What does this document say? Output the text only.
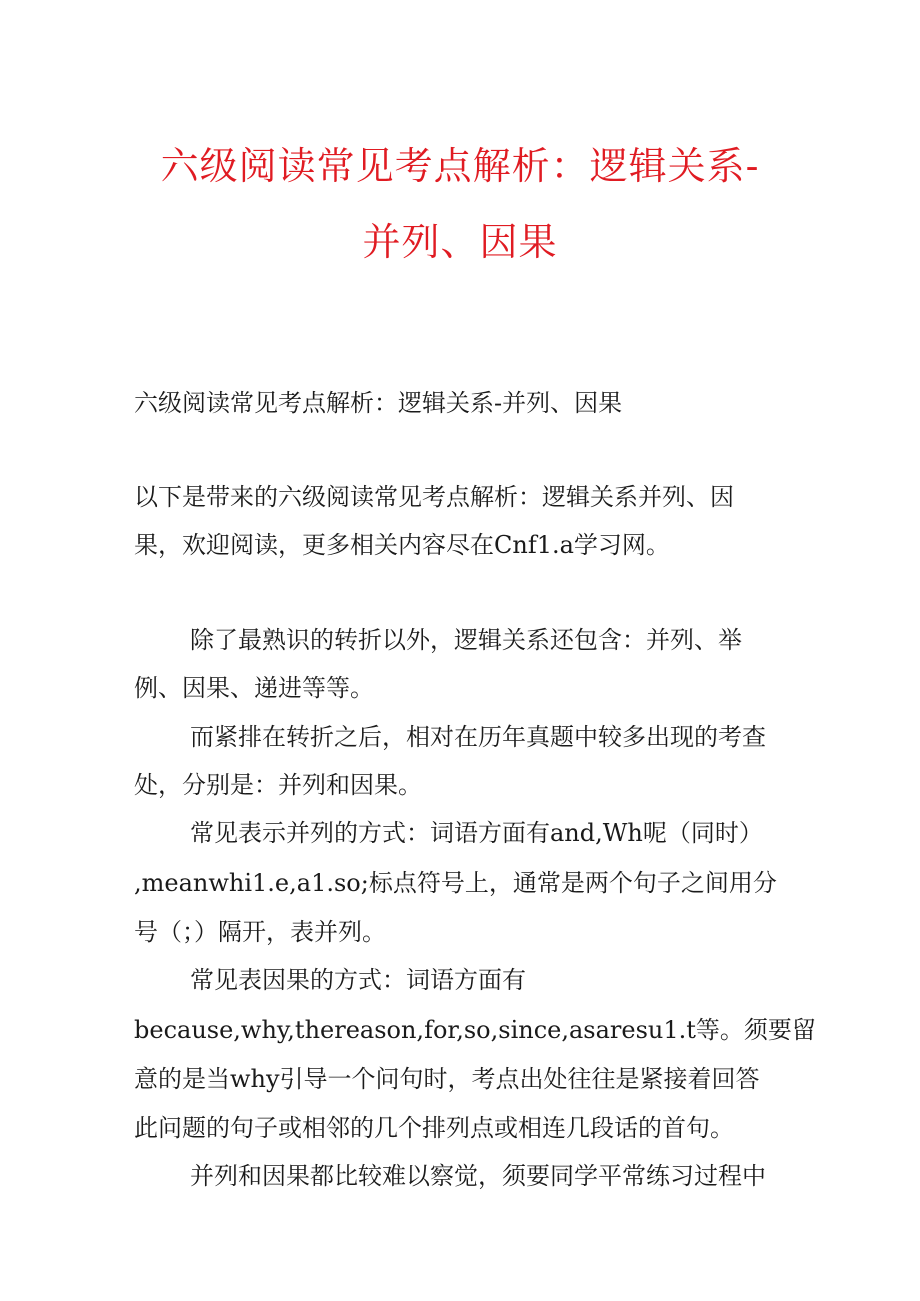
六级阅读常见考点解析：逻辑关系-
并列、因果
六级阅读常见考点解析：逻辑关系-并列、因果
以下是带来的六级阅读常见考点解析：逻辑关系并列、因
果，欢迎阅读，更多相关内容尽在Cnf1.a学习网。
除了最熟识的转折以外，逻辑关系还包含：并列、举
例、因果、递进等等。
而紧排在转折之后，相对在历年真题中较多出现的考查
处，分别是：并列和因果。
常见表示并列的方式：词语方面有and,Wh呢（同时）
,meanwhi1.e,a1.so;标点符号上，通常是两个句子之间用分
号（；）隔开，表并列。
常见表因果的方式：词语方面有
because,why,thereason,for,so,since,asaresu1.t等。须要留
意的是当why引导一个问句时，考点出处往往是紧接着回答
此问题的句子或相邻的几个排列点或相连几段话的首句。
并列和因果都比较难以察觉，须要同学平常练习过程中
